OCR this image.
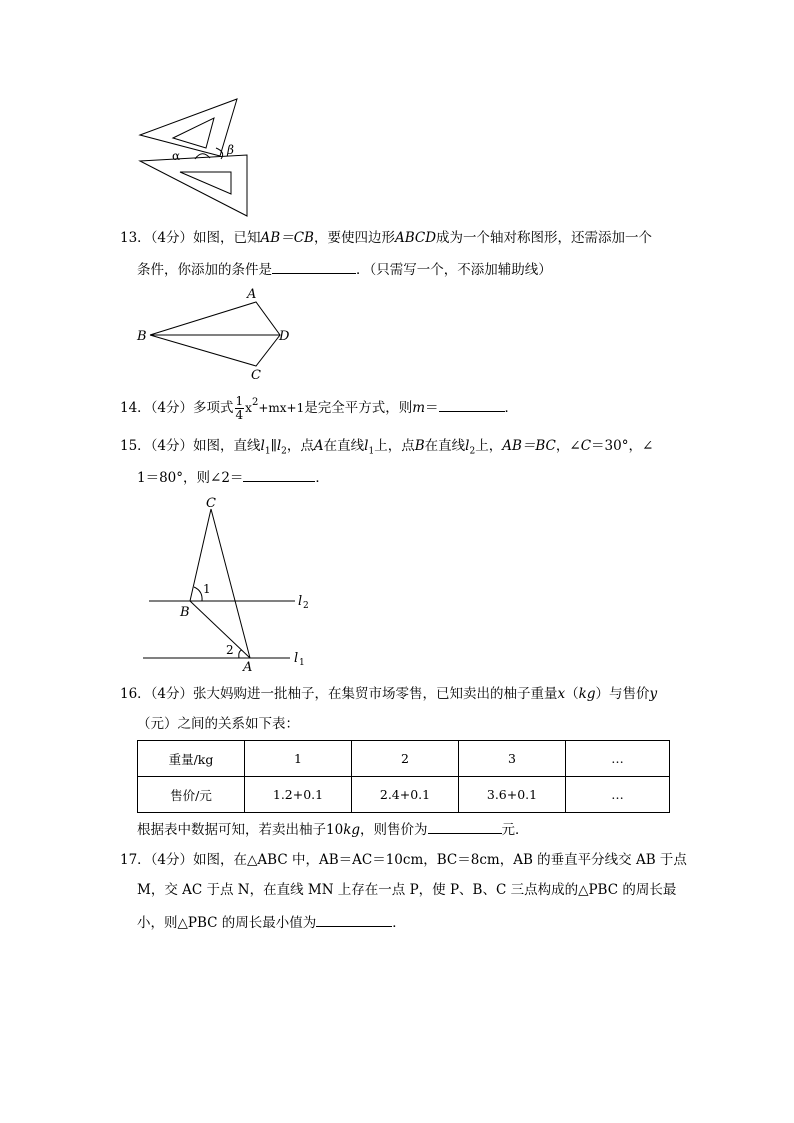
α	β
13．（4分）如图，已知AB＝CB，要使四边形ABCD成为一个轴对称图形，还需添加一个
条件，你添加的条件是	．（只需写一个，不添加辅助线）
A
B	D
C
14．（4分）多项式 $\frac{1}{4} x^2+mx+1$是完全平方式，则m＝	．
15．（4分）如图，直线$l_1\parallel l_2$，点A在直线$l_1$上，点B在直线$l_2$上，AB＝BC，∠C＝30°，∠
1＝80°，则∠2＝	．
C
B
A
1
2
l 2
l 1
16．（4分）张大妈购进一批柚子，在集贸市场零售，已知卖出的柚子重量x（kg）与售价y
（元）之间的关系如下表：
重量/kg	1	2	3	…
售价/元	1.2+0.1	2.4+0.1	3.6+0.1	…
根据表中数据可知，若卖出柚子10kg，则售价为	元．
17．（4分）如图，在△ABC 中，AB＝AC＝10cm，BC＝8cm，AB 的垂直平分线交 AB 于点
M，交 AC 于点 N，在直线 MN 上存在一点 P，使 P、B、C 三点构成的△PBC 的周长最
小，则△PBC 的周长最小值为	．
